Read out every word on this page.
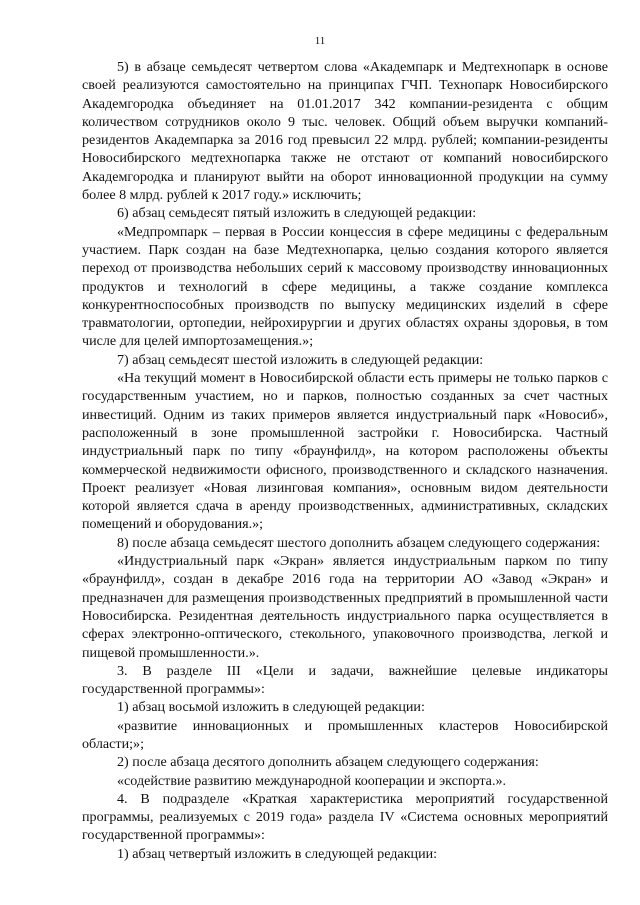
11

5) в абзаце семьдесят четвертом слова «Академпарк и Медтехнопарк в основе своей реализуются самостоятельно на принципах ГЧП. Технопарк Новосибирского Академгородка объединяет на 01.01.2017 342 компании-резидента с общим количеством сотрудников около 9 тыс. человек. Общий объем выручки компаний-резидентов Академпарка за 2016 год превысил 22 млрд. рублей; компании-резиденты Новосибирского медтехнопарка также не отстают от компаний новосибирского Академгородка и планируют выйти на оборот инновационной продукции на сумму более 8 млрд. рублей к 2017 году.» исключить;

6) абзац семьдесят пятый изложить в следующей редакции:

«Медпромпарк – первая в России концессия в сфере медицины с федеральным участием. Парк создан на базе Медтехнопарка, целью создания которого является переход от производства небольших серий к массовому производству инновационных продуктов и технологий в сфере медицины, а также создание комплекса конкурентноспособных производств по выпуску медицинских изделий в сфере травматологии, ортопедии, нейрохирургии и других областях охраны здоровья, в том числе для целей импортозамещения.»;

7) абзац семьдесят шестой изложить в следующей редакции:

«На текущий момент в Новосибирской области есть примеры не только парков с государственным участием, но и парков, полностью созданных за счет частных инвестиций. Одним из таких примеров является индустриальный парк «Новосиб», расположенный в зоне промышленной застройки г. Новосибирска. Частный индустриальный парк по типу «браунфилд», на котором расположены объекты коммерческой недвижимости офисного, производственного и складского назначения. Проект реализует «Новая лизинговая компания», основным видом деятельности которой является сдача в аренду производственных, административных, складских помещений и оборудования.»;

8) после абзаца семьдесят шестого дополнить абзацем следующего содержания:

«Индустриальный парк «Экран» является индустриальным парком по типу «браунфилд», создан в декабре 2016 года на территории АО «Завод «Экран» и предназначен для размещения производственных предприятий в промышленной части Новосибирска. Резидентная деятельность индустриального парка осуществляется в сферах электронно-оптического, стекольного, упаковочного производства, легкой и пищевой промышленности.».

3. В разделе III «Цели и задачи, важнейшие целевые индикаторы государственной программы»:

1) абзац восьмой изложить в следующей редакции:

«развитие инновационных и промышленных кластеров Новосибирской области;»;

2) после абзаца десятого дополнить абзацем следующего содержания:

«содействие развитию международной кооперации и экспорта.».

4. В подразделе «Краткая характеристика мероприятий государственной программы, реализуемых с 2019 года» раздела IV «Система основных мероприятий государственной программы»:

1) абзац четвертый изложить в следующей редакции:
